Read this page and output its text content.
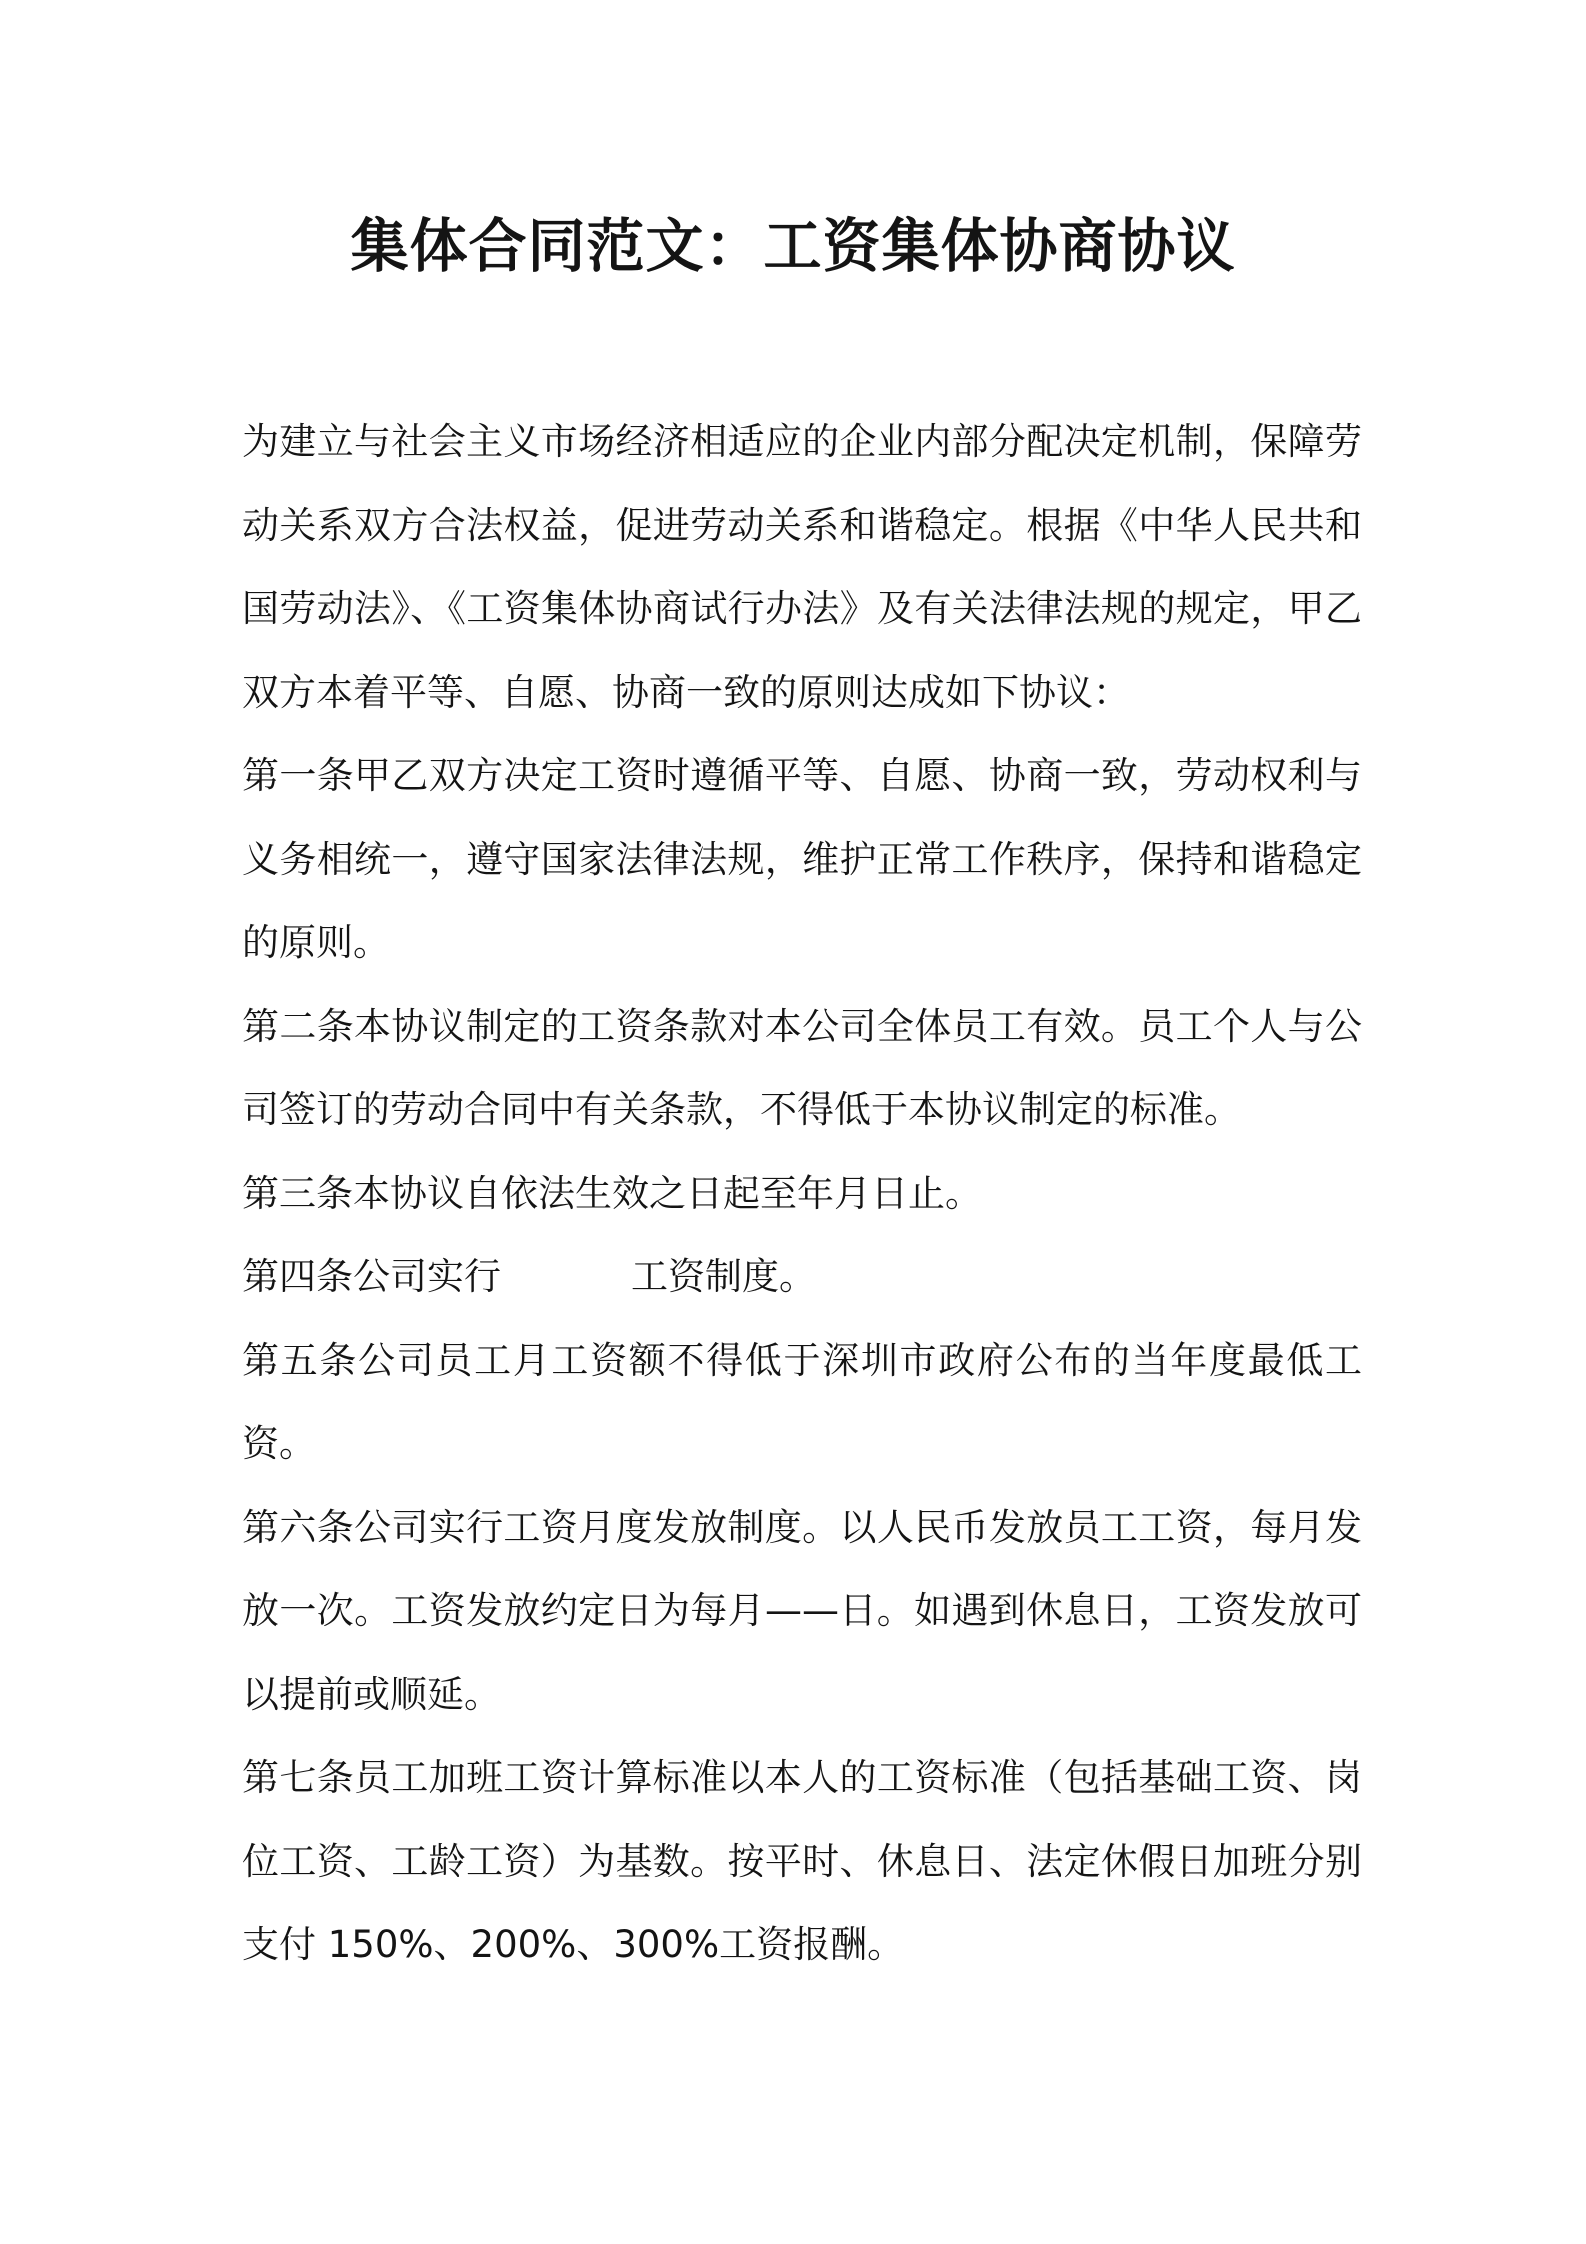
集体合同范文：工资集体协商协议

为建立与社会主义市场经济相适应的企业内部分配决定机制，保障劳动关系双方合法权益，促进劳动关系和谐稳定。根据《中华人民共和国劳动法》、《工资集体协商试行办法》及有关法律法规的规定，甲乙双方本着平等、自愿、协商一致的原则达成如下协议：

第一条甲乙双方决定工资时遵循平等、自愿、协商一致，劳动权利与义务相统一，遵守国家法律法规，维护正常工作秩序，保持和谐稳定的原则。

第二条本协议制定的工资条款对本公司全体员工有效。员工个人与公司签订的劳动合同中有关条款，不得低于本协议制定的标准。

第三条本协议自依法生效之日起至年月日止。

第四条公司实行	工资制度。

第五条公司员工月工资额不得低于深圳市政府公布的当年度最低工资。

第六条公司实行工资月度发放制度。以人民币发放员工工资，每月发放一次。工资发放约定日为每月——日。如遇到休息日，工资发放可以提前或顺延。

第七条员工加班工资计算标准以本人的工资标准（包括基础工资、岗位工资、工龄工资）为基数。按平时、休息日、法定休假日加班分别支付 150%、200%、300%工资报酬。
